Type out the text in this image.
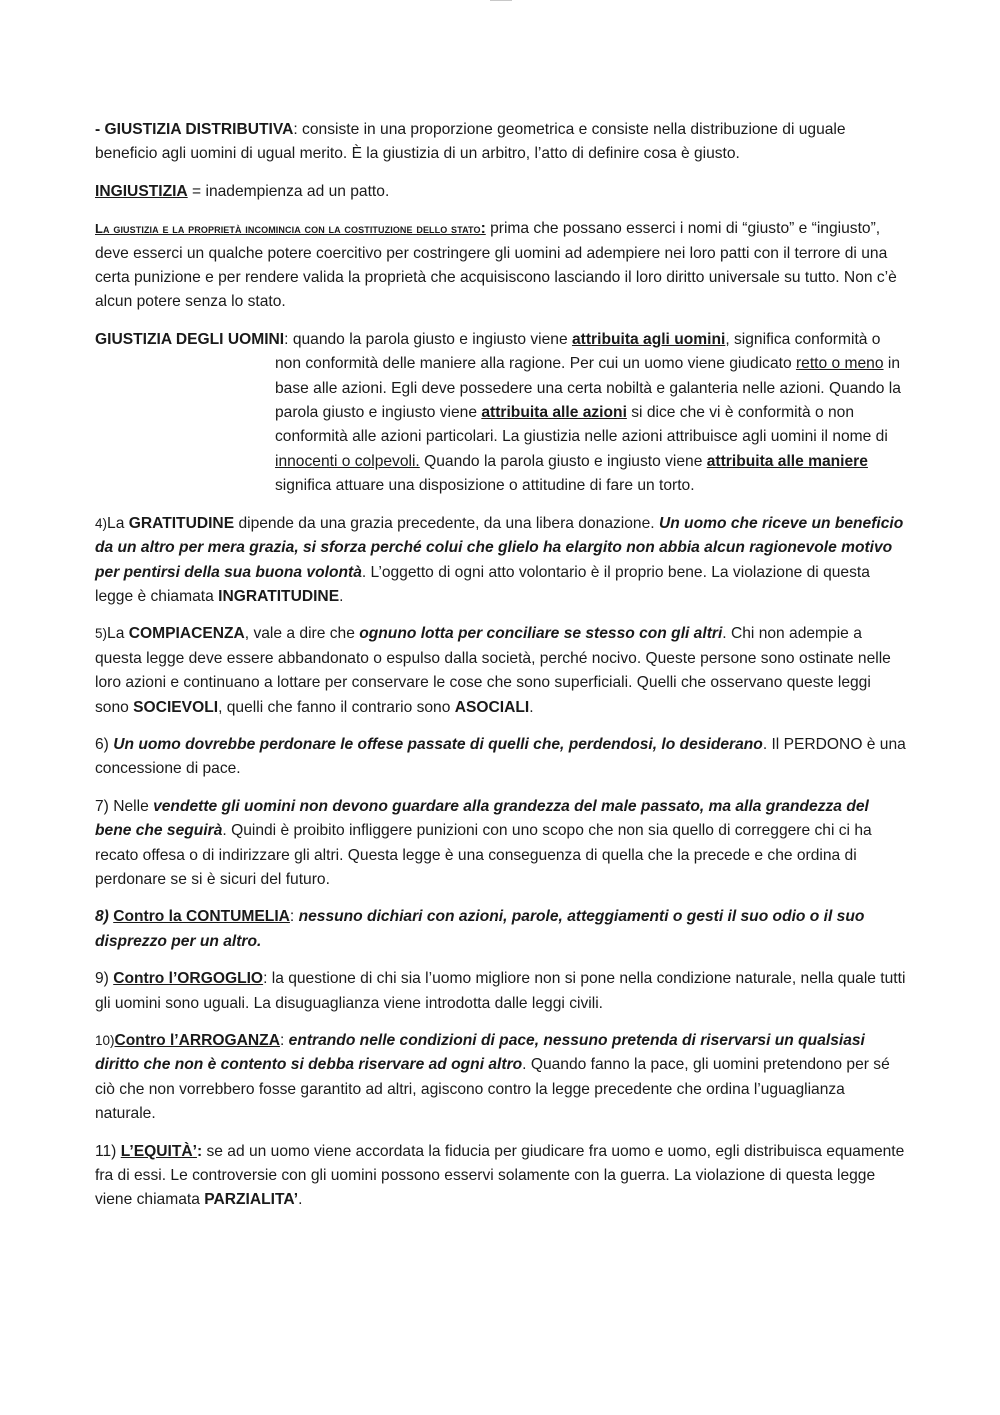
- GIUSTIZIA DISTRIBUTIVA: consiste in una proporzione geometrica e consiste nella distribuzione di uguale beneficio agli uomini di ugual merito. È la giustizia di un arbitro, l’atto di definire cosa è giusto.

INGIUSTIZIA = inadempienza ad un patto.

La giustizia e la proprietà incomincia con la costituzione dello stato: prima che possano esserci i nomi di “giusto” e “ingiusto”, deve esserci un qualche potere coercitivo per costringere gli uomini ad adempiere nei loro patti con il terrore di una certa punizione e per rendere valida la proprietà che acquisiscono lasciando il loro diritto universale su tutto. Non c’è alcun potere senza lo stato.

GIUSTIZIA DEGLI UOMINI: quando la parola giusto e ingiusto viene attribuita agli uomini, significa conformità o non conformità delle maniere alla ragione. Per cui un uomo viene giudicato retto o meno in base alle azioni. Egli deve possedere una certa nobiltà e galanteria nelle azioni. Quando la parola giusto e ingiusto viene attribuita alle azioni si dice che vi è conformità o non conformità alle azioni particolari. La giustizia nelle azioni attribuisce agli uomini il nome di innocenti o colpevoli. Quando la parola giusto e ingiusto viene attribuita alle maniere significa attuare una disposizione o attitudine di fare un torto.

4)La GRATITUDINE dipende da una grazia precedente, da una libera donazione. Un uomo che riceve un beneficio da un altro per mera grazia, si sforza perché colui che glielo ha elargito non abbia alcun ragionevole motivo per pentirsi della sua buona volontà. L’oggetto di ogni atto volontario è il proprio bene. La violazione di questa legge è chiamata INGRATITUDINE.

5)La COMPIACENZA, vale a dire che ognuno lotta per conciliare se stesso con gli altri. Chi non adempie a questa legge deve essere abbandonato o espulso dalla società, perché nocivo. Queste persone sono ostinate nelle loro azioni e continuano a lottare per conservare le cose che sono superficiali. Quelli che osservano queste leggi sono SOCIEVOLI, quelli che fanno il contrario sono ASOCIALI.

6) Un uomo dovrebbe perdonare le offese passate di quelli che, perdendosi, lo desiderano. Il PERDONO è una concessione di pace.

7) Nelle vendette gli uomini non devono guardare alla grandezza del male passato, ma alla grandezza del bene che seguirà. Quindi è proibito infliggere punizioni con uno scopo che non sia quello di correggere chi ci ha recato offesa o di indirizzare gli altri. Questa legge è una conseguenza di quella che la precede e che ordina di perdonare se si è sicuri del futuro.

8) Contro la CONTUMELIA: nessuno dichiari con azioni, parole, atteggiamenti o gesti il suo odio o il suo disprezzo per un altro.

9) Contro l’ORGOGLIO: la questione di chi sia l’uomo migliore non si pone nella condizione naturale, nella quale tutti gli uomini sono uguali. La disuguaglianza viene introdotta dalle leggi civili.

10)Contro l’ARROGANZA: entrando nelle condizioni di pace, nessuno pretenda di riservarsi un qualsiasi diritto che non è contento si debba riservare ad ogni altro. Quando fanno la pace, gli uomini pretendono per sé ciò che non vorrebbero fosse garantito ad altri, agiscono contro la legge precedente che ordina l’uguaglianza naturale.

11) L’EQUITÀ’: se ad un uomo viene accordata la fiducia per giudicare fra uomo e uomo, egli distribuisca equamente fra di essi. Le controversie con gli uomini possono esservi solamente con la guerra. La violazione di questa legge viene chiamata PARZIALITA’.
